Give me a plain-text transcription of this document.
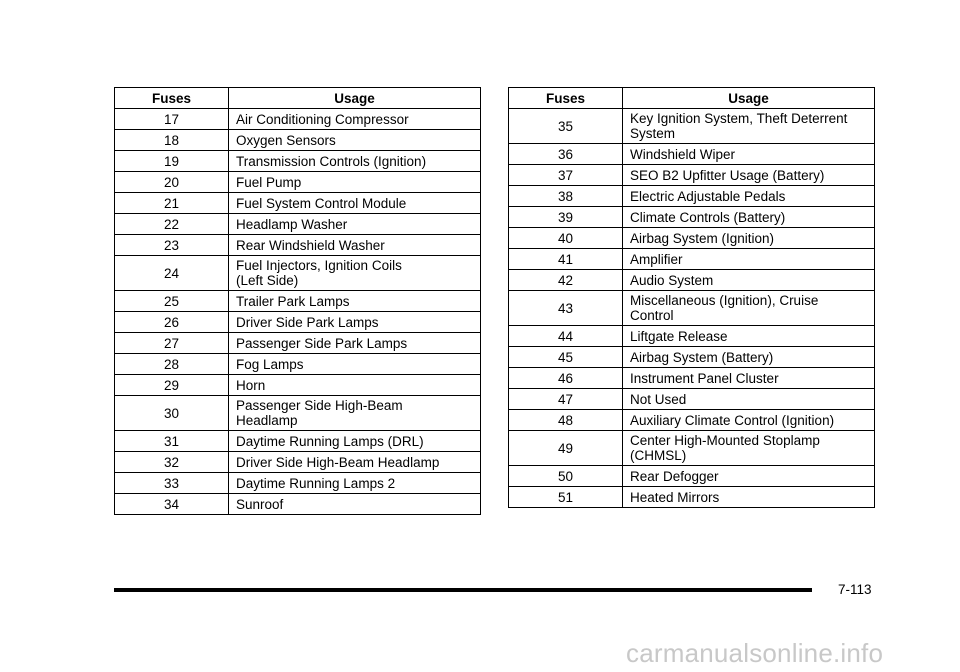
Fuses	Usage
17	Air Conditioning Compressor
18	Oxygen Sensors
19	Transmission Controls (Ignition)
20	Fuel Pump
21	Fuel System Control Module
22	Headlamp Washer
23	Rear Windshield Washer
24	Fuel Injectors, Ignition Coils
(Left Side)
25	Trailer Park Lamps
26	Driver Side Park Lamps
27	Passenger Side Park Lamps
28	Fog Lamps
29	Horn
30	Passenger Side High-Beam
Headlamp
31	Daytime Running Lamps (DRL)
32	Driver Side High-Beam Headlamp
33	Daytime Running Lamps 2
34	Sunroof
Fuses	Usage
35	Key Ignition System, Theft Deterrent
System
36	Windshield Wiper
37	SEO B2 Upfitter Usage (Battery)
38	Electric Adjustable Pedals
39	Climate Controls (Battery)
40	Airbag System (Ignition)
41	Amplifier
42	Audio System
43	Miscellaneous (Ignition), Cruise
Control
44	Liftgate Release
45	Airbag System (Battery)
46	Instrument Panel Cluster
47	Not Used
48	Auxiliary Climate Control (Ignition)
49	Center High-Mounted Stoplamp
(CHMSL)
50	Rear Defogger
51	Heated Mirrors
7-113
carmanualsonline.info
